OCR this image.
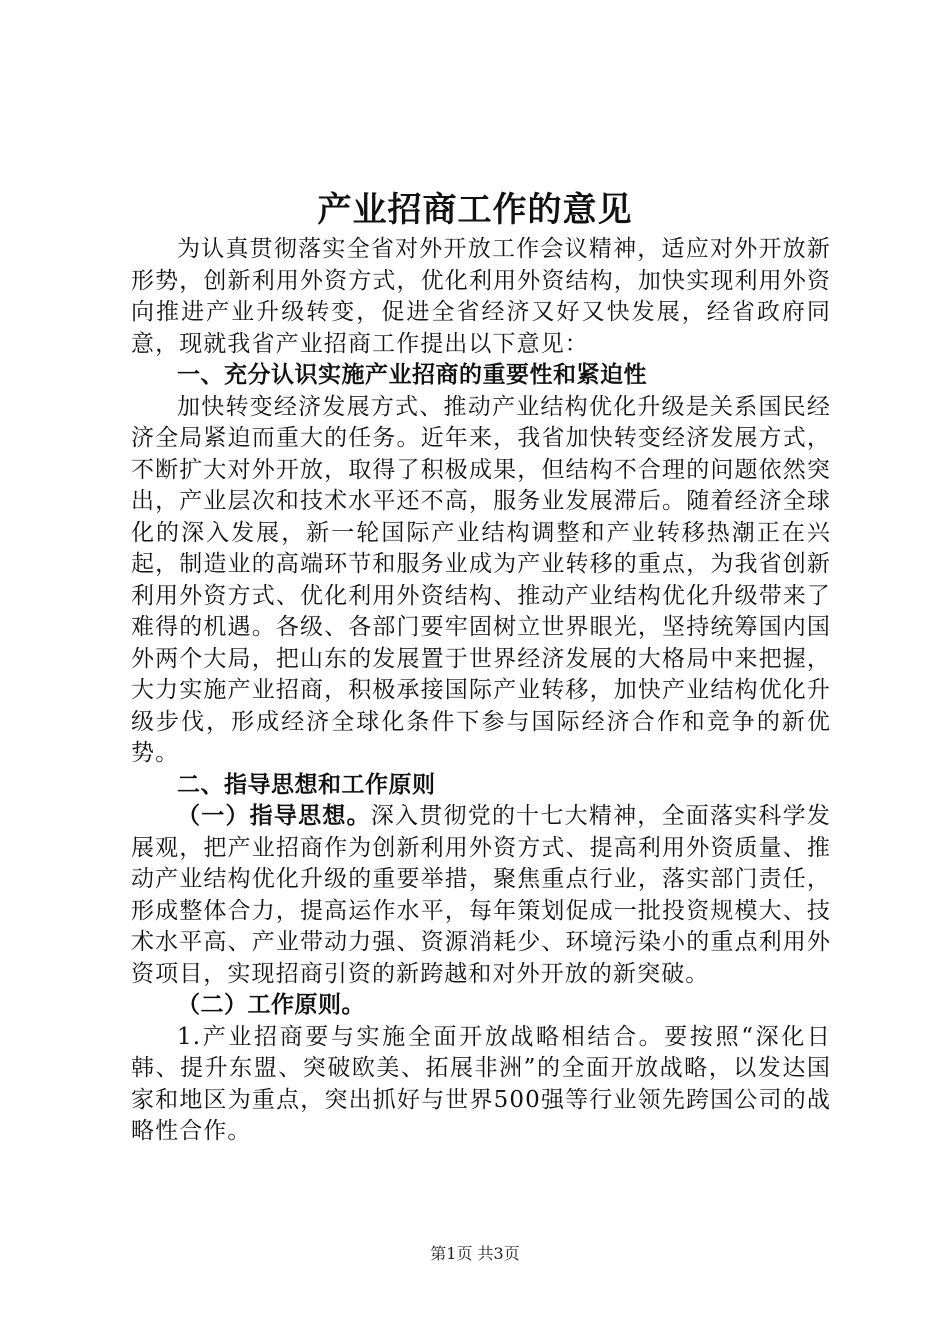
产业招商工作的意见

为认真贯彻落实全省对外开放工作会议精神，适应对外开放新形势，创新利用外资方式，优化利用外资结构，加快实现利用外资向推进产业升级转变，促进全省经济又好又快发展，经省政府同意，现就我省产业招商工作提出以下意见：

一、充分认识实施产业招商的重要性和紧迫性

加快转变经济发展方式、推动产业结构优化升级是关系国民经济全局紧迫而重大的任务。近年来，我省加快转变经济发展方式，不断扩大对外开放，取得了积极成果，但结构不合理的问题依然突出，产业层次和技术水平还不高，服务业发展滞后。随着经济全球化的深入发展，新一轮国际产业结构调整和产业转移热潮正在兴起，制造业的高端环节和服务业成为产业转移的重点，为我省创新利用外资方式、优化利用外资结构、推动产业结构优化升级带来了难得的机遇。各级、各部门要牢固树立世界眼光，坚持统筹国内国外两个大局，把山东的发展置于世界经济发展的大格局中来把握，大力实施产业招商，积极承接国际产业转移，加快产业结构优化升级步伐，形成经济全球化条件下参与国际经济合作和竞争的新优势。

二、指导思想和工作原则

（一）指导思想。深入贯彻党的十七大精神，全面落实科学发展观，把产业招商作为创新利用外资方式、提高利用外资质量、推动产业结构优化升级的重要举措，聚焦重点行业，落实部门责任，形成整体合力，提高运作水平，每年策划促成一批投资规模大、技术水平高、产业带动力强、资源消耗少、环境污染小的重点利用外资项目，实现招商引资的新跨越和对外开放的新突破。

（二）工作原则。

1.产业招商要与实施全面开放战略相结合。要按照“深化日韩、提升东盟、突破欧美、拓展非洲”的全面开放战略，以发达国家和地区为重点，突出抓好与世界500强等行业领先跨国公司的战略性合作。

第1页 共3页
